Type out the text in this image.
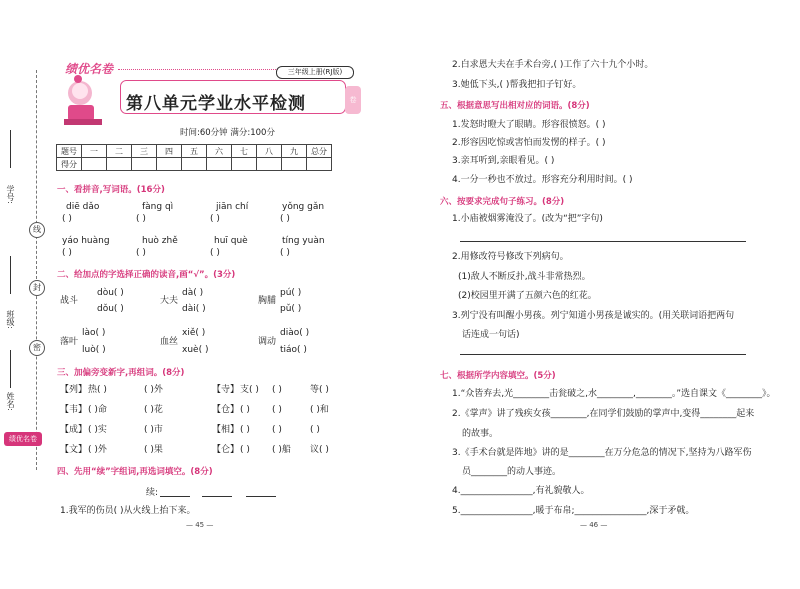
学号:
班级:
姓名:
线
封
密
绩优名卷
绩优名卷	三年级上册(RJ版)
第八单元学业水平检测	卷
时间:60分钟 满分:100分
题号	一	二	三	四	五	六	七	八	九	总分
得分										
一、看拼音,写词语。(16分)
diē dǎo	fàng qì	jiān chí	yǒng gǎn
( )	( )	( )	( )
yáo huàng	huò zhě	huī què	tíng yuàn
( )	( )	( )	( )
二、给加点的字选择正确的读音,画“√”。(3分)
战斗
dòu( )
dǒu( )
大夫
dà( )
dài( )
胸脯
pú( )
pǔ( )
落叶
lào( )
luò( )
血丝
xiě( )
xuè( )
调动
diào( )
tiáo( )
三、加偏旁变新字,再组词。(8分)
【列】 热( )	( )外	【寺】 支( ) ( )	等( )
【韦】 ( )命	( )花	【仓】 ( ) ( )	( )和
【成】 ( )实	( )市	【相】 ( ) ( )	( )
【文】 ( )外	( )果	【仑】 ( ) ( )船 议( )
四、先用“续”字组词,再选词填空。(8分)
续:
1.我军的伤员( )从火线上抬下来。
— 45 —
2.白求恩大夫在手术台旁,( )工作了六十九个小时。
3.她低下头,( )帮我把扣子钉好。
五、根据意思写出相对应的词语。(8分)
1.发怒时瞪大了眼睛。形容很愤怒。( )
2.形容因吃惊或害怕而发愣的样子。( )
3.亲耳听到,亲眼看见。( )
4.一分一秒也不放过。形容充分利用时间。( )
六、按要求完成句子练习。(8分)
1.小庙被烟雾淹没了。(改为“把”字句)
2.用修改符号修改下列病句。
(1)敌人不断反扑,战斗非常热烈。
(2)校园里开满了五颜六色的红花。
3.列宁没有叫醒小男孩。列宁知道小男孩是诚实的。(用关联词语把两句
话连成一句话)
七、根据所学内容填空。(5分)
1.“众皆弃去,光________击瓮破之,水________,________。”选自课文《________》。
2.《掌声》讲了残疾女孩________,在同学们鼓励的掌声中,变得________起来
的故事。
3.《手术台就是阵地》讲的是________在万分危急的情况下,坚持为八路军伤
员________的动人事迹。
4.________________,有礼貌敬人。
5.________________,暖于布帛;________________,深于矛戟。
— 46 —
